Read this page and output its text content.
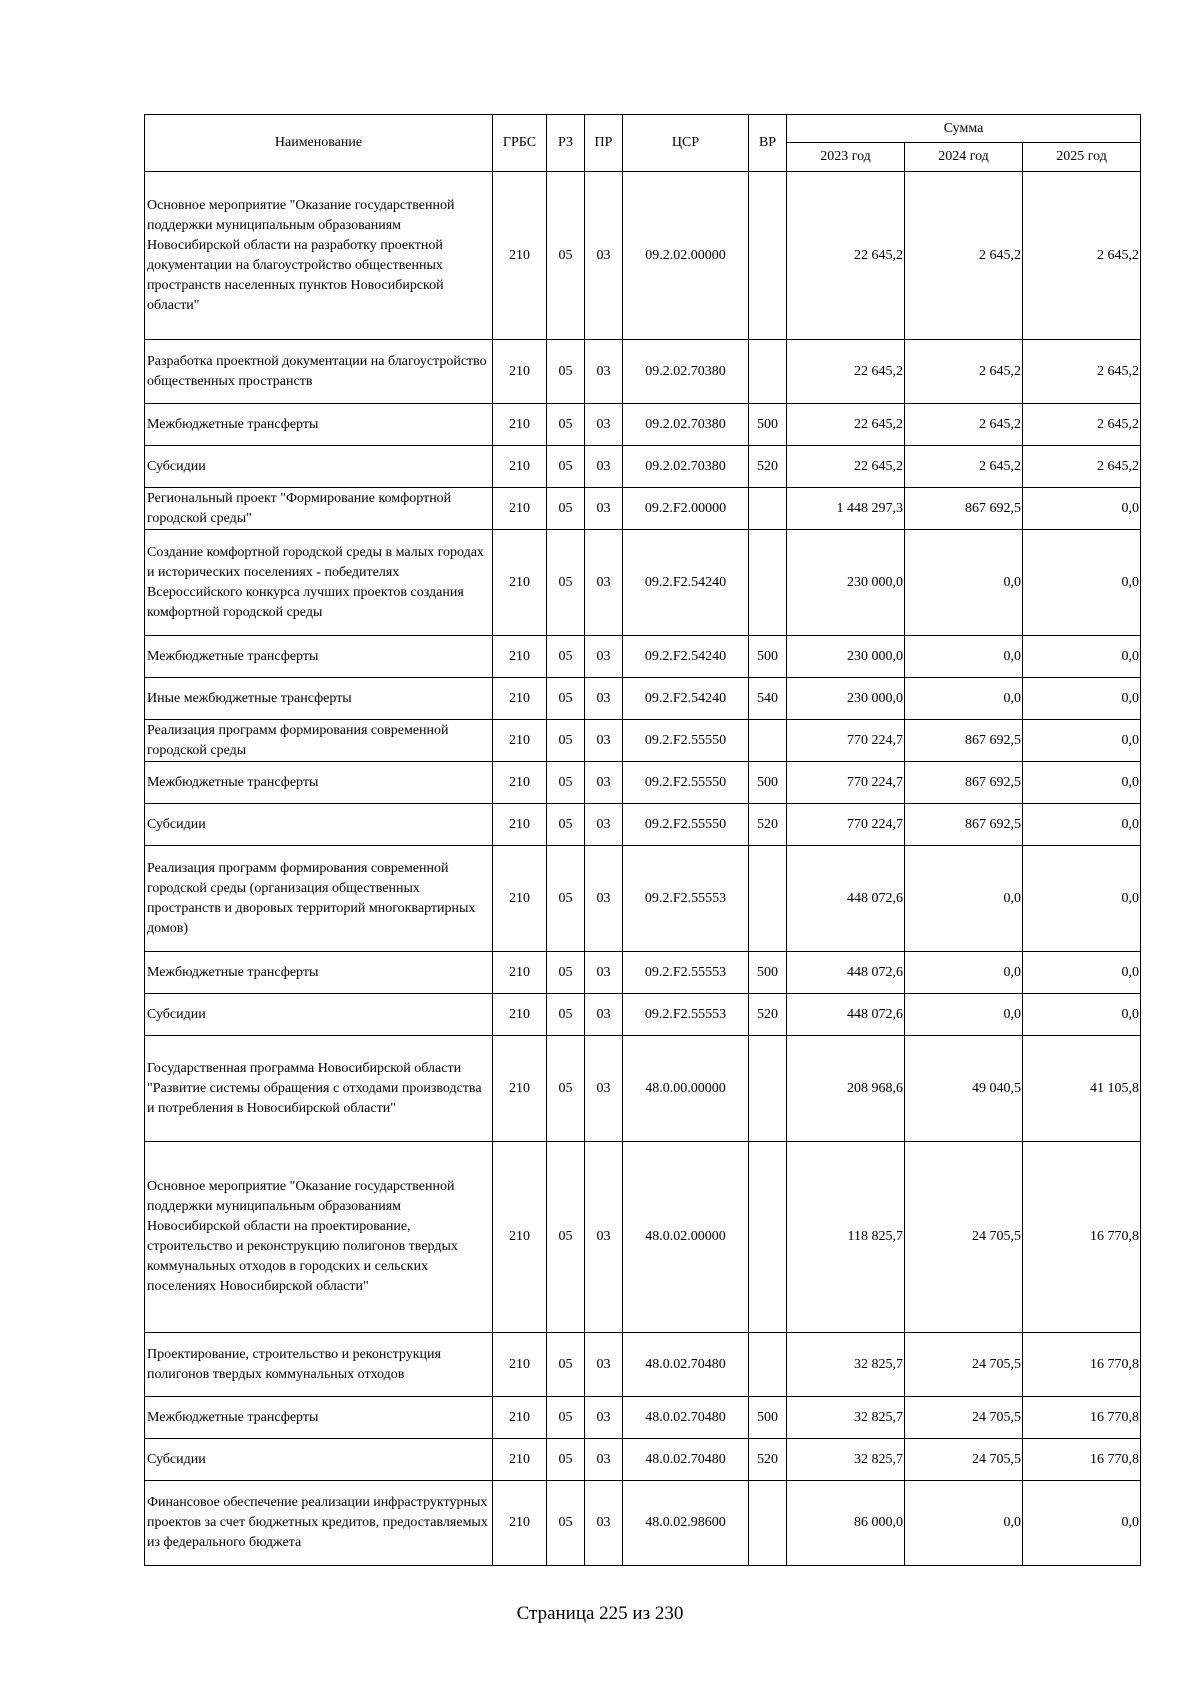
Наименование	ГРБС	РЗ	ПР	ЦСР	ВР	Сумма		
						2023 год	2024 год	2025 год
Основное мероприятие "Оказание государственной поддержки муниципальным образованиям Новосибирской области на разработку проектной документации на благоустройство общественных пространств населенных пунктов Новосибирской области"	210	05	03	09.2.02.00000		22 645,2	2 645,2	2 645,2
Разработка проектной документации на благоустройство общественных пространств	210	05	03	09.2.02.70380		22 645,2	2 645,2	2 645,2
Межбюджетные трансферты	210	05	03	09.2.02.70380	500	22 645,2	2 645,2	2 645,2
Субсидии	210	05	03	09.2.02.70380	520	22 645,2	2 645,2	2 645,2
Региональный проект "Формирование комфортной городской среды"	210	05	03	09.2.F2.00000		1 448 297,3	867 692,5	0,0
Создание комфортной городской среды в малых городах и исторических поселениях - победителях Всероссийского конкурса лучших проектов создания комфортной городской среды	210	05	03	09.2.F2.54240		230 000,0	0,0	0,0
Межбюджетные трансферты	210	05	03	09.2.F2.54240	500	230 000,0	0,0	0,0
Иные межбюджетные трансферты	210	05	03	09.2.F2.54240	540	230 000,0	0,0	0,0
Реализация программ формирования современной городской среды	210	05	03	09.2.F2.55550		770 224,7	867 692,5	0,0
Межбюджетные трансферты	210	05	03	09.2.F2.55550	500	770 224,7	867 692,5	0,0
Субсидии	210	05	03	09.2.F2.55550	520	770 224,7	867 692,5	0,0
Реализация программ формирования современной городской среды (организация общественных пространств и дворовых территорий многоквартирных домов)	210	05	03	09.2.F2.55553		448 072,6	0,0	0,0
Межбюджетные трансферты	210	05	03	09.2.F2.55553	500	448 072,6	0,0	0,0
Субсидии	210	05	03	09.2.F2.55553	520	448 072,6	0,0	0,0
Государственная программа Новосибирской области "Развитие системы обращения с отходами производства и потребления в Новосибирской области"	210	05	03	48.0.00.00000		208 968,6	49 040,5	41 105,8
Основное мероприятие "Оказание государственной поддержки муниципальным образованиям Новосибирской области на проектирование, строительство и реконструкцию полигонов твердых коммунальных отходов в городских и сельских поселениях Новосибирской области"	210	05	03	48.0.02.00000		118 825,7	24 705,5	16 770,8
Проектирование, строительство и реконструкция полигонов твердых коммунальных отходов	210	05	03	48.0.02.70480		32 825,7	24 705,5	16 770,8
Межбюджетные трансферты	210	05	03	48.0.02.70480	500	32 825,7	24 705,5	16 770,8
Субсидии	210	05	03	48.0.02.70480	520	32 825,7	24 705,5	16 770,8
Финансовое обеспечение реализации инфраструктурных проектов за счет бюджетных кредитов, предоставляемых из федерального бюджета	210	05	03	48.0.02.98600		86 000,0	0,0	0,0
Страница 225 из 230
